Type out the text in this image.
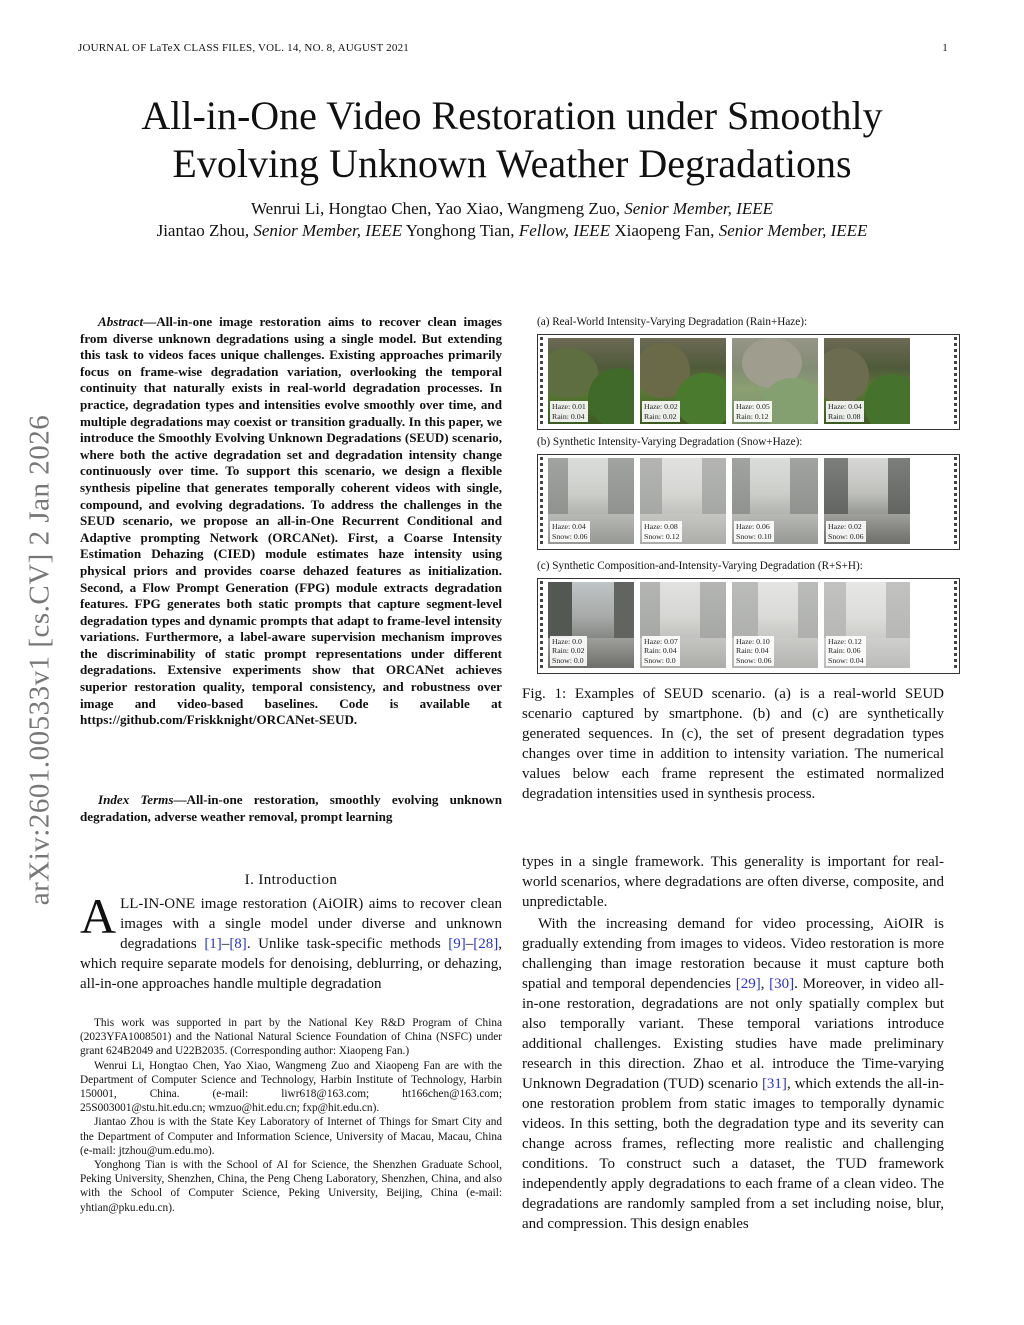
JOURNAL OF LaTeX CLASS FILES, VOL. 14, NO. 8, AUGUST 2021	1
All-in-One Video Restoration under Smoothly
Evolving Unknown Weather Degradations
Wenrui Li, Hongtao Chen, Yao Xiao, Wangmeng Zuo, Senior Member, IEEE
Jiantao Zhou, Senior Member, IEEE Yonghong Tian, Fellow, IEEE Xiaopeng Fan, Senior Member, IEEE
arXiv:2601.00533v1 [cs.CV] 2 Jan 2026
Abstract—All-in-one image restoration aims to recover clean images from diverse unknown degradations using a single model. But extending this task to videos faces unique challenges. Existing approaches primarily focus on frame-wise degradation variation, overlooking the temporal continuity that naturally exists in real-world degradation processes. In practice, degradation types and intensities evolve smoothly over time, and multiple degradations may coexist or transition gradually. In this paper, we introduce the Smoothly Evolving Unknown Degradations (SEUD) scenario, where both the active degradation set and degradation intensity change continuously over time. To support this scenario, we design a flexible synthesis pipeline that generates temporally coherent videos with single, compound, and evolving degradations. To address the challenges in the SEUD scenario, we propose an all-in-One Recurrent Conditional and Adaptive prompting Network (ORCANet). First, a Coarse Intensity Estimation Dehazing (CIED) module estimates haze intensity using physical priors and provides coarse dehazed features as initialization. Second, a Flow Prompt Generation (FPG) module extracts degradation features. FPG generates both static prompts that capture segment-level degradation types and dynamic prompts that adapt to frame-level intensity variations. Furthermore, a label-aware supervision mechanism improves the discriminability of static prompt representations under different degradations. Extensive experiments show that ORCANet achieves superior restoration quality, temporal consistency, and robustness over image and video-based baselines. Code is available at https://github.com/Friskknight/ORCANet-SEUD.
Index Terms—All-in-one restoration, smoothly evolving unknown degradation, adverse weather removal, prompt learning
I. Introduction
ALL-IN-ONE image restoration (AiOIR) aims to recover clean images with a single model under diverse and unknown degradations [1]–[8]. Unlike task-specific methods [9]–[28], which require separate models for denoising, deblurring, or dehazing, all-in-one approaches handle multiple degradation

This work was supported in part by the National Key R&D Program of China (2023YFA1008501) and the National Natural Science Foundation of China (NSFC) under grant 624B2049 and U22B2035. (Corresponding author: Xiaopeng Fan.)

Wenrui Li, Hongtao Chen, Yao Xiao, Wangmeng Zuo and Xiaopeng Fan are with the Department of Computer Science and Technology, Harbin Institute of Technology, Harbin 150001, China. (e-mail: liwr618@163.com; ht166chen@163.com; 25S003001@stu.hit.edu.cn; wmzuo@hit.edu.cn; fxp@hit.edu.cn).

Jiantao Zhou is with the State Key Laboratory of Internet of Things for Smart City and the Department of Computer and Information Science, University of Macau, Macau, China (e-mail: jtzhou@um.edu.mo).

Yonghong Tian is with the School of AI for Science, the Shenzhen Graduate School, Peking University, Shenzhen, China, the Peng Cheng Laboratory, Shenzhen, China, and also with the School of Computer Science, Peking University, Beijing, China (e-mail: yhtian@pku.edu.cn).

(a) Real-World Intensity-Varying Degradation (Rain+Haze):
Haze: 0.01
Rain: 0.04
Haze: 0.02
Rain: 0.02
Haze: 0.05
Rain: 0.12
Haze: 0.04
Rain: 0.08
(b) Synthetic Intensity-Varying Degradation (Snow+Haze):
Haze: 0.04
Snow: 0.06
Haze: 0.08
Snow: 0.12
Haze: 0.06
Snow: 0.10
Haze: 0.02
Snow: 0.06
(c) Synthetic Composition-and-Intensity-Varying Degradation (R+S+H):
Haze: 0.0
Rain: 0.02
Snow: 0.0
Haze: 0.07
Rain: 0.04
Snow: 0.0
Haze: 0.10
Rain: 0.04
Snow: 0.06
Haze: 0.12
Rain: 0.06
Snow: 0.04
Fig. 1: Examples of SEUD scenario. (a) is a real-world SEUD scenario captured by smartphone. (b) and (c) are synthetically generated sequences. In (c), the set of present degradation types changes over time in addition to intensity variation. The numerical values below each frame represent the estimated normalized degradation intensities used in synthesis process.
types in a single framework. This generality is important for real-world scenarios, where degradations are often diverse, composite, and unpredictable.
With the increasing demand for video processing, AiOIR is gradually extending from images to videos. Video restoration is more challenging than image restoration because it must capture both spatial and temporal dependencies [29], [30]. Moreover, in video all-in-one restoration, degradations are not only spatially complex but also temporally variant. These temporal variations introduce additional challenges. Existing studies have made preliminary research in this direction. Zhao et al. introduce the Time-varying Unknown Degradation (TUD) scenario [31], which extends the all-in-one restoration problem from static images to temporally dynamic videos. In this setting, both the degradation type and its severity can change across frames, reflecting more realistic and challenging conditions. To construct such a dataset, the TUD framework independently apply degradations to each frame of a clean video. The degradations are randomly sampled from a set including noise, blur, and compression. This design enables
